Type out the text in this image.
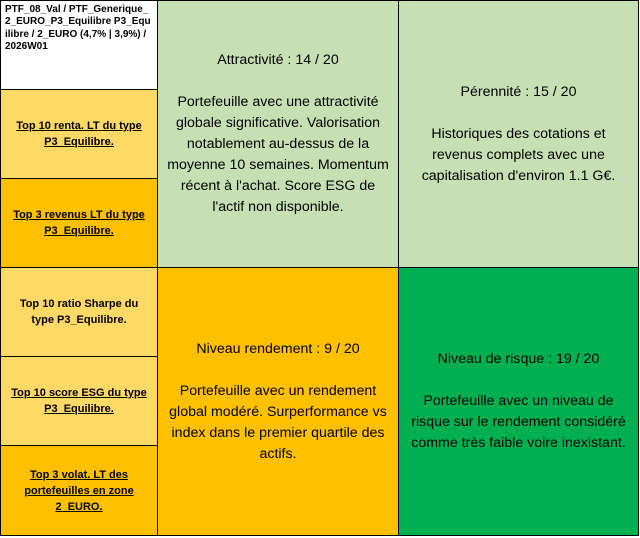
PTF_08_Val / PTF_Generique_2_EURO_P3_Equilibre P3_Equilibre / 2_EURO (4,7% | 3,9%) / 2026W01
Top 10 renta. LT du type P3_Equilibre.
Top 3 revenus LT du type P3_Equilibre.
Top 10 ratio Sharpe du type P3_Equilibre.
Top 10 score ESG du type P3_Equilibre.
Top 3 volat. LT des portefeuilles en zone 2_EURO.
Attractivité : 14 / 20
Portefeuille avec une attractivité globale significative. Valorisation notablement au-dessus de la moyenne 10 semaines. Momentum récent à l'achat. Score ESG de l'actif non disponible.
Pérennité : 15 / 20
Historiques des cotations et revenus complets avec une capitalisation d'environ 1.1 G€.
Niveau rendement : 9 / 20
Portefeuille avec un rendement global modéré. Surperformance vs index dans le premier quartile des actifs.
Niveau de risque : 19 / 20
Portefeuille avec un niveau de risque sur le rendement considéré comme très faible voire inexistant.
